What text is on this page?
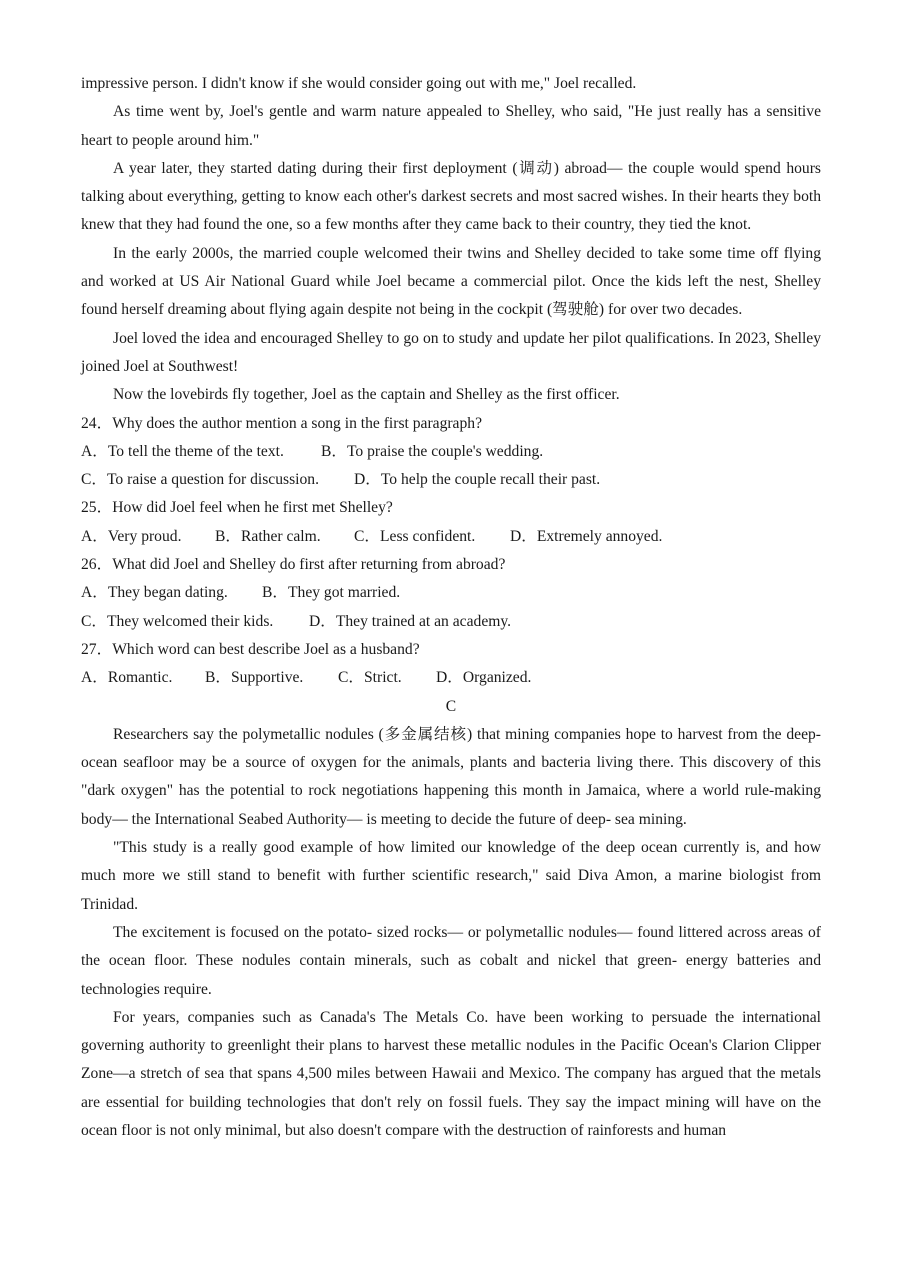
impressive person. I didn't know if she would consider going out with me," Joel recalled.

As time went by, Joel's gentle and warm nature appealed to Shelley, who said, "He just really has a sensitive heart to people around him."

A year later, they started dating during their first deployment (调动) abroad— the couple would spend hours talking about everything, getting to know each other's darkest secrets and most sacred wishes. In their hearts they both knew that they had found the one, so a few months after they came back to their country, they tied the knot.

In the early 2000s, the married couple welcomed their twins and Shelley decided to take some time off flying and worked at US Air National Guard while Joel became a commercial pilot. Once the kids left the nest, Shelley found herself dreaming about flying again despite not being in the cockpit (驾驶舱) for over two decades.

Joel loved the idea and encouraged Shelley to go on to study and update her pilot qualifications. In 2023, Shelley joined Joel at Southwest!

Now the lovebirds fly together, Joel as the captain and Shelley as the first officer.

24．Why does the author mention a song in the first paragraph?
A．To tell the theme of the text. B．To praise the couple's wedding.
C．To raise a question for discussion. D．To help the couple recall their past.
25．How did Joel feel when he first met Shelley?
A．Very proud. B．Rather calm. C．Less confident. D．Extremely annoyed.
26．What did Joel and Shelley do first after returning from abroad?
A．They began dating. B．They got married.
C．They welcomed their kids. D．They trained at an academy.
27．Which word can best describe Joel as a husband?
A．Romantic. B．Supportive. C．Strict. D．Organized.
C

Researchers say the polymetallic nodules (多金属结核) that mining companies hope to harvest from the deep-ocean seafloor may be a source of oxygen for the animals, plants and bacteria living there. This discovery of this "dark oxygen" has the potential to rock negotiations happening this month in Jamaica, where a world rule-making body— the International Seabed Authority— is meeting to decide the future of deep- sea mining.

"This study is a really good example of how limited our knowledge of the deep ocean currently is, and how much more we still stand to benefit with further scientific research," said Diva Amon, a marine biologist from Trinidad.

The excitement is focused on the potato- sized rocks— or polymetallic nodules— found littered across areas of the ocean floor. These nodules contain minerals, such as cobalt and nickel that green- energy batteries and technologies require.

For years, companies such as Canada's The Metals Co. have been working to persuade the international governing authority to greenlight their plans to harvest these metallic nodules in the Pacific Ocean's Clarion Clipper Zone—a stretch of sea that spans 4,500 miles between Hawaii and Mexico. The company has argued that the metals are essential for building technologies that don't rely on fossil fuels. They say the impact mining will have on the ocean floor is not only minimal, but also doesn't compare with the destruction of rainforests and human
